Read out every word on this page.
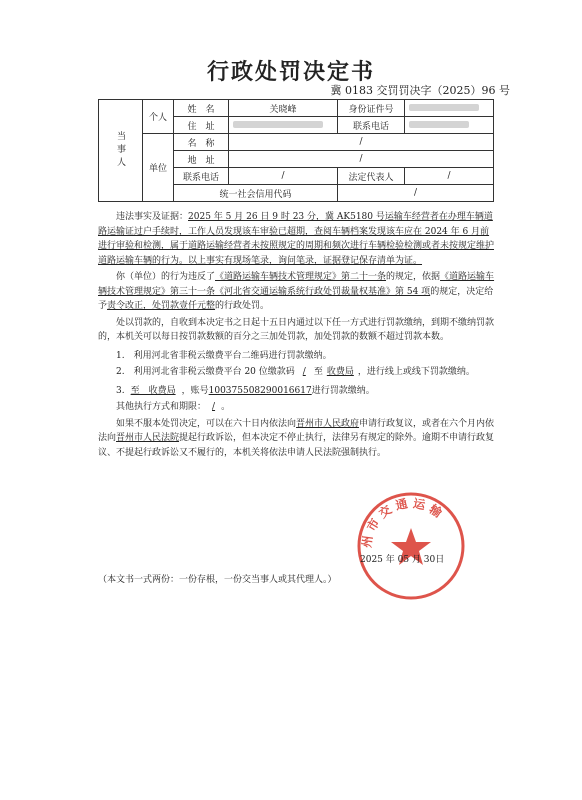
行政处罚决定书
冀 0183 交罚罚决字（2025）96 号
当事人	个人	姓　名	关晓峰	身份证件号	
		住　址		联系电话	
	单位	名　称	/		
		地　址	/		
		联系电话	/	法定代表人	/
		统一社会信用代码		/	

违法事实及证据：2025 年 5 月 26 日 9 时 23 分，冀 AK5180 号运输车经营者在办理车辆道路运输证过户手续时，工作人员发现该车审验已超期，查阅车辆档案发现该车应在 2024 年 6 月前进行审验和检测，属于道路运输经营者未按照规定的周期和频次进行车辆检验检测或者未按规定维护道路运输车辆的行为。以上事实有现场笔录，询问笔录，证据登记保存清单为证。

你（单位）的行为违反了《道路运输车辆技术管理规定》第二十一条的规定，依据《道路运输车辆技术管理规定》第三十一条《河北省交通运输系统行政处罚裁量权基准》第 54 项的规定，决定给予责令改正，处罚款壹仟元整的行政处罚。

处以罚款的，自收到本决定书之日起十五日内通过以下任一方式进行罚款缴纳，到期不缴纳罚款的，本机关可以每日按罚款数额的百分之三加处罚款，加处罚款的数额不超过罚款本数。

1.　利用河北省非税云缴费平台二维码进行罚款缴纳。

2.　利用河北省非税云缴费平台 20 位缴款码 / 至 收费局 ，进行线上或线下罚款缴纳。

3. 至　收费局 ，账号100375508290016617进行罚款缴纳。

其他执行方式和期限： / 。

如果不服本处罚决定，可以在六十日内依法向晋州市人民政府申请行政复议，或者在六个月内依法向晋州市人民法院提起行政诉讼，但本决定不停止执行，法律另有规定的除外。逾期不申请行政复议、不提起行政诉讼又不履行的，本机关将依法申请人民法院强制执行。

州 市 交 通 运 输
2025 年 05 月 30日
（本文书一式两份：一份存根，一份交当事人或其代理人。）
